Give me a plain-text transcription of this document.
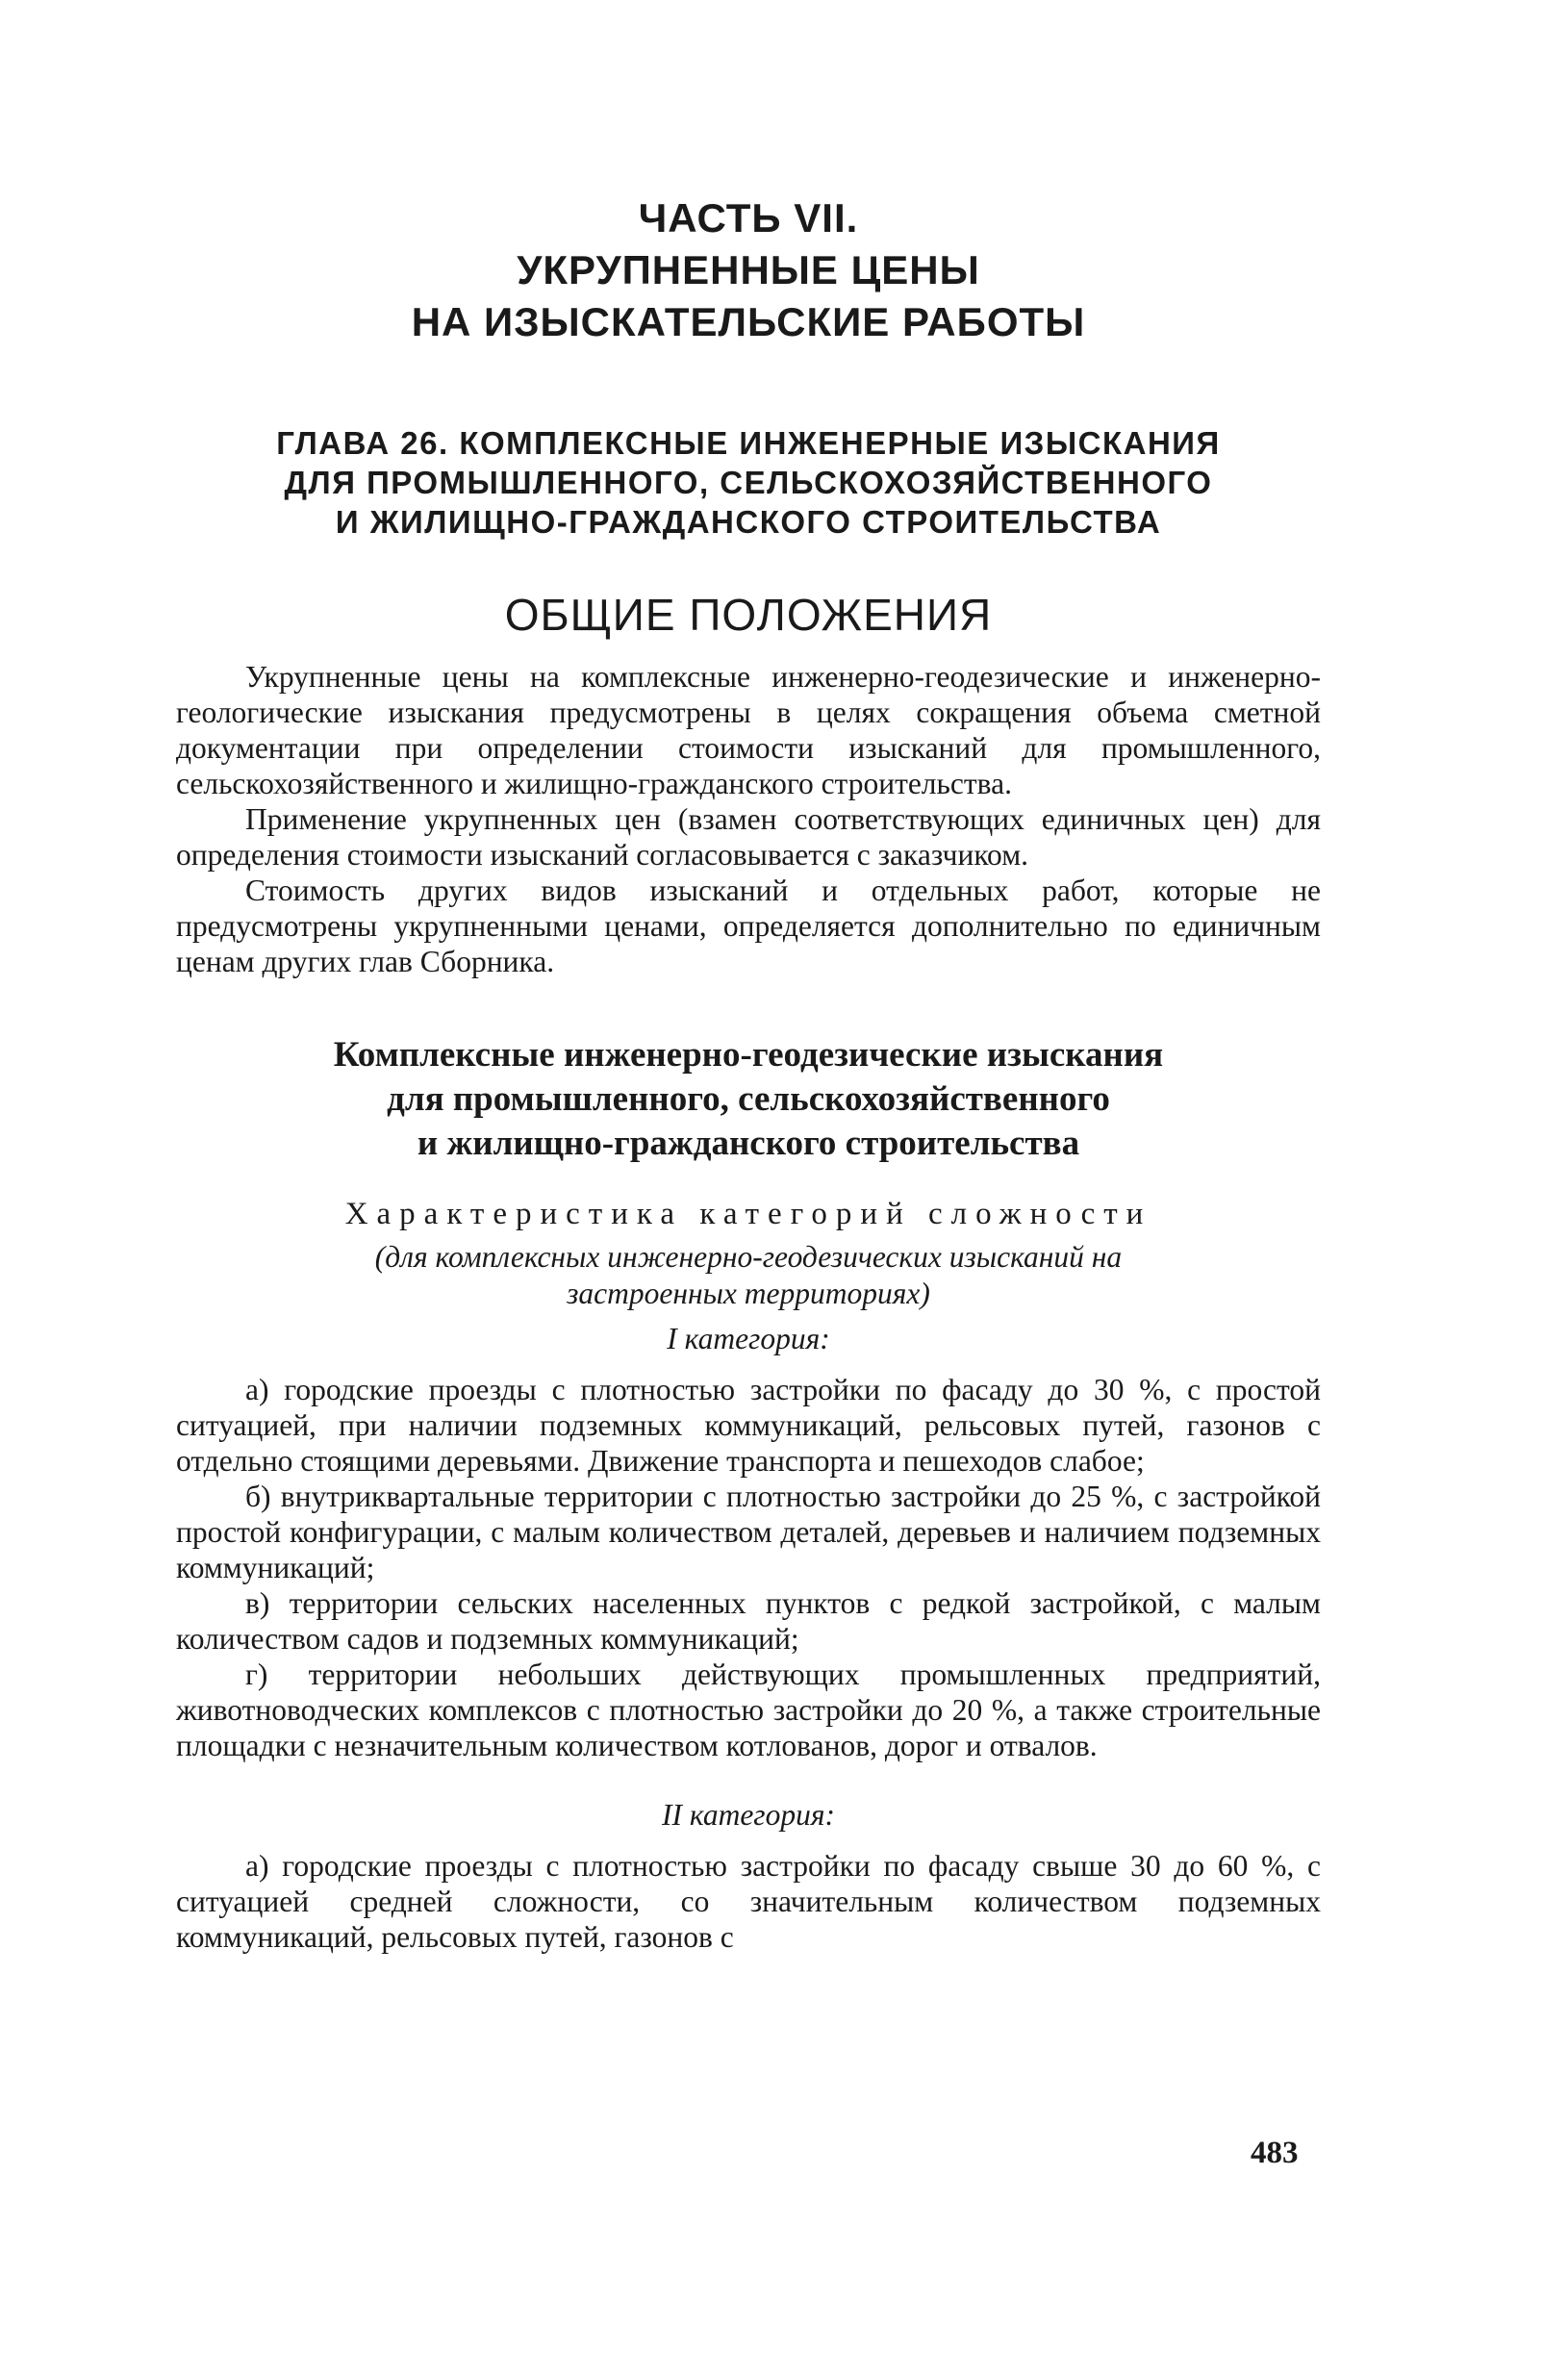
ЧАСТЬ VII.
УКРУПНЕННЫЕ ЦЕНЫ
НА ИЗЫСКАТЕЛЬСКИЕ РАБОТЫ
ГЛАВА 26. КОМПЛЕКСНЫЕ ИНЖЕНЕРНЫЕ ИЗЫСКАНИЯ
ДЛЯ ПРОМЫШЛЕННОГО, СЕЛЬСКОХОЗЯЙСТВЕННОГО
И ЖИЛИЩНО-ГРАЖДАНСКОГО СТРОИТЕЛЬСТВА
ОБЩИЕ ПОЛОЖЕНИЯ

Укрупненные цены на комплексные инженерно-геодезические и инженерно-геологические изыскания предусмотрены в целях сокращения объема сметной документации при определении стоимости изысканий для промышленного, сельскохозяйственного и жилищно-гражданского строительства.

Применение укрупненных цен (взамен соответствующих единичных цен) для определения стоимости изысканий согласовывается с заказчиком.

Стоимость других видов изысканий и отдельных работ, которые не предусмотрены укрупненными ценами, определяется дополнительно по единичным ценам других глав Сборника.

Комплексные инженерно-геодезические изыскания
для промышленного, сельскохозяйственного
и жилищно-гражданского строительства
Характеристика категорий сложности
(для комплексных инженерно-геодезических изысканий на
застроенных территориях)
I категория:

а) городские проезды с плотностью застройки по фасаду до 30 %, с простой ситуацией, при наличии подземных коммуникаций, рельсовых путей, газонов с отдельно стоящими деревьями. Движение транспорта и пешеходов слабое;

б) внутриквартальные территории с плотностью застройки до 25 %, с застройкой простой конфигурации, с малым количеством деталей, деревьев и наличием подземных коммуникаций;

в) территории сельских населенных пунктов с редкой застройкой, с малым количеством садов и подземных коммуникаций;

г) территории небольших действующих промышленных предприятий, животноводческих комплексов с плотностью застройки до 20 %, а также строительные площадки с незначительным количеством котлованов, дорог и отвалов.

II категория:

а) городские проезды с плотностью застройки по фасаду свыше 30 до 60 %, с ситуацией средней сложности, со значительным количеством подземных коммуникаций, рельсовых путей, газонов с

483
